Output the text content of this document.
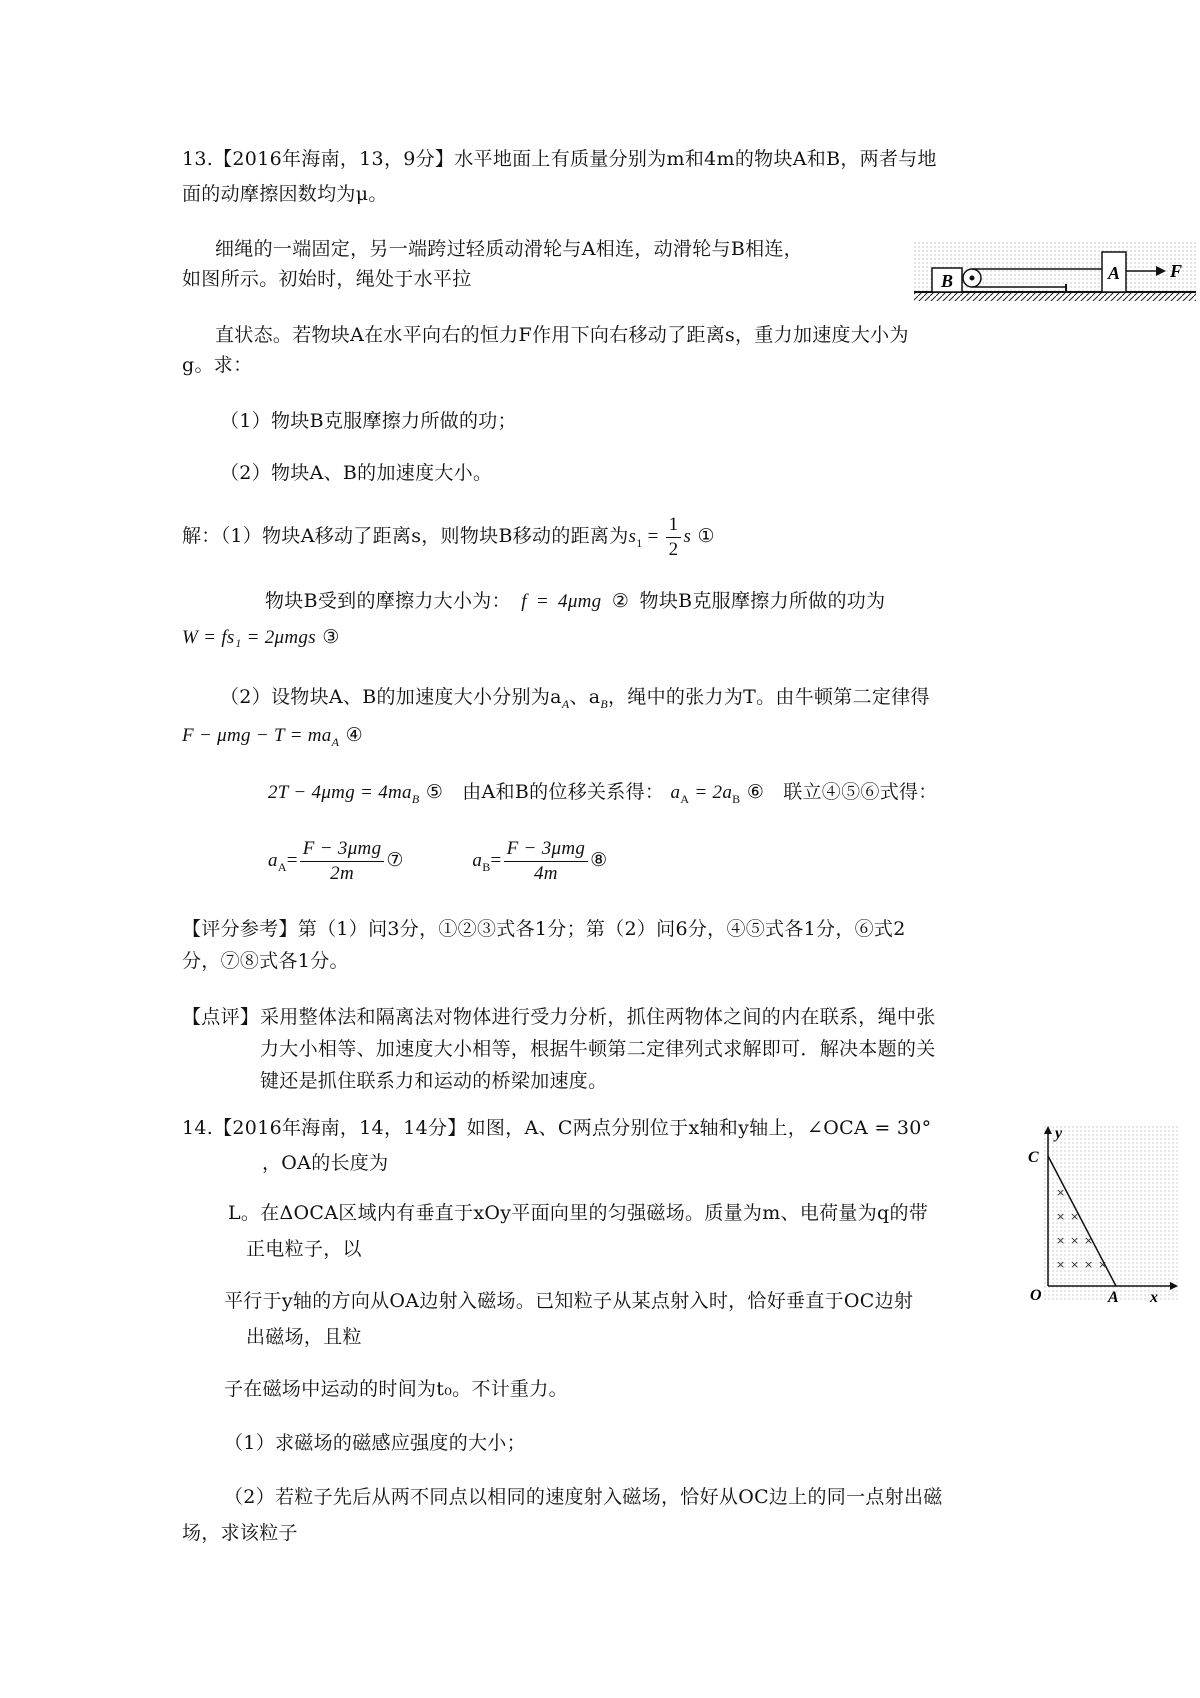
13.【2016年海南，13，9分】水平地面上有质量分别为m和4m的物块A和B，两者与地
面的动摩擦因数均为μ。
细绳的一端固定，另一端跨过轻质动滑轮与A相连，动滑轮与B相连，
如图所示。初始时，绳处于水平拉	B	A	F
直状态。若物块A在水平向右的恒力F作用下向右移动了距离s，重力加速度大小为
g。求：
（1）物块B克服摩擦力所做的功；
（2）物块A、B的加速度大小。
解：（1）物块A移动了距离s，则物块B移动的距离为$s_1 = \frac{1}{2}$ s ①
物块B受到的摩擦力大小为： f = 4μmg ② 物块B克服摩擦力所做的功为
W = fs₁ = 2μmgs ③
（2）设物块A、B的加速度大小分别为$a_A$、$a_B$，绳中的张力为T。由牛顿第二定律得
$F - \mu mg - T = ma_A$ ④
$2T - 4\mu mg = 4ma_B$ ⑤ 由A和B的位移关系得： $a_A = 2a_B$ ⑥ 联立④⑤⑥式得：
$a_A= \frac{\text{F − 3μmg}}{2m}$ ⑦	$a_B= \frac{\text{F − 3μmg}}{4m}$ ⑧
【评分参考】第（1）问3分，①②③式各1分；第（2）问6分，④⑤式各1分，⑥式2
分，⑦⑧式各1分。
【点评】 采用整体法和隔离法对物体进行受力分析，抓住两物体之间的内在联系，绳中张
力大小相等、加速度大小相等，根据牛顿第二定律列式求解即可．解决本题的关
键还是抓住联系力和运动的桥梁加速度。
14.【2016年海南，14，14分】如图，A、C两点分别位于x轴和y轴上，∠OCA = 30°
，OA的长度为
L。在ΔOCA区域内有垂直于xOy平面向里的匀强磁场。质量为m、电荷量为q的带
正电粒子，以
平行于y轴的方向从OA边射入磁场。已知粒子从某点射入时，恰好垂直于OC边射
出磁场，且粒
子在磁场中运动的时间为t₀。不计重力。
（1）求磁场的磁感应强度的大小；
（2）若粒子先后从两不同点以相同的速度射入磁场，恰好从OC边上的同一点射出磁
场，求该粒子
×
× ×
× × ×
× × × ×
y
C
O	A x
